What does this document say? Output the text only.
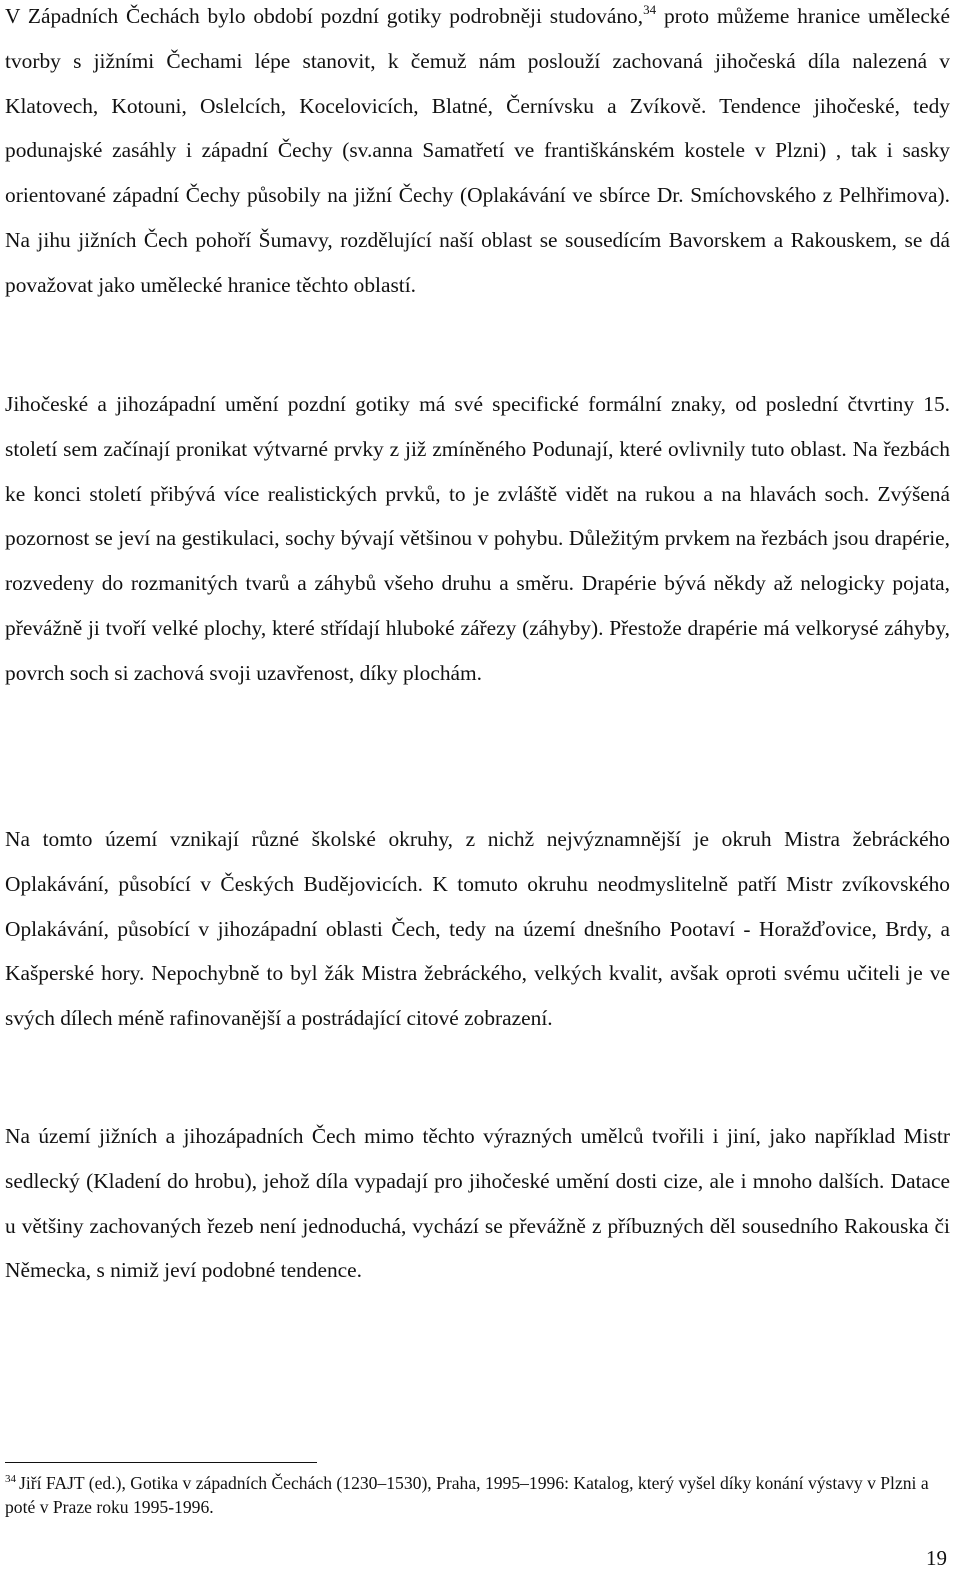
V Západních Čechách bylo období pozdní gotiky podrobněji studováno,$^{34}$ proto můžeme hranice umělecké tvorby s jižními Čechami lépe stanovit, k čemuž nám poslouží zachovaná jihočeská díla nalezená v Klatovech, Kotouni, Oslelcích, Kocelovicích, Blatné, Černívsku a Zvíkově. Tendence jihočeské, tedy podunajské zasáhly i západní Čechy (sv.anna Samatřetí ve františkánském kostele v Plzni) , tak i sasky orientované západní Čechy působily na jižní Čechy (Oplakávání ve sbírce Dr. Smíchovského z Pelhřimova). Na jihu jižních Čech pohoří Šumavy, rozdělující naší oblast se sousedícím Bavorskem a Rakouskem, se dá považovat jako umělecké hranice těchto oblastí.

Jihočeské a jihozápadní umění pozdní gotiky má své specifické formální znaky, od poslední čtvrtiny 15. století sem začínají pronikat výtvarné prvky z již zmíněného Podunají, které ovlivnily tuto oblast. Na řezbách ke konci století přibývá více realistických prvků, to je zvláště vidět na rukou a na hlavách soch. Zvýšená pozornost se jeví na gestikulaci, sochy bývají většinou v pohybu. Důležitým prvkem na řezbách jsou drapérie, rozvedeny do rozmanitých tvarů a záhybů všeho druhu a směru. Drapérie bývá někdy až nelogicky pojata, převážně ji tvoří velké plochy, které střídají hluboké zářezy (záhyby). Přestože drapérie má velkorysé záhyby, povrch soch si zachová svoji uzavřenost, díky plochám.

Na tomto území vznikají různé školské okruhy, z nichž nejvýznamnější je okruh Mistra žebráckého Oplakávání, působící v Českých Budějovicích. K tomuto okruhu neodmyslitelně patří Mistr zvíkovského Oplakávání, působící v jihozápadní oblasti Čech, tedy na území dnešního Pootaví - Horažďovice, Brdy, a Kašperské hory. Nepochybně to byl žák Mistra žebráckého, velkých kvalit, avšak oproti svému učiteli je ve svých dílech méně rafinovanější a postrádající citové zobrazení.

Na území jižních a jihozápadních Čech mimo těchto výrazných umělců tvořili i jiní, jako například Mistr sedlecký (Kladení do hrobu), jehož díla vypadají pro jihočeské umění dosti cize, ale i mnoho dalších. Datace u většiny zachovaných řezeb není jednoduchá, vychází se převážně z příbuzných děl sousedního Rakouska či Německa, s nimiž jeví podobné tendence.

$^{34}$ Jiří FAJT (ed.), Gotika v západních Čechách (1230–1530), Praha, 1995–1996: Katalog, který vyšel díky konání výstavy v Plzni a poté v Praze roku 1995-1996.

19
